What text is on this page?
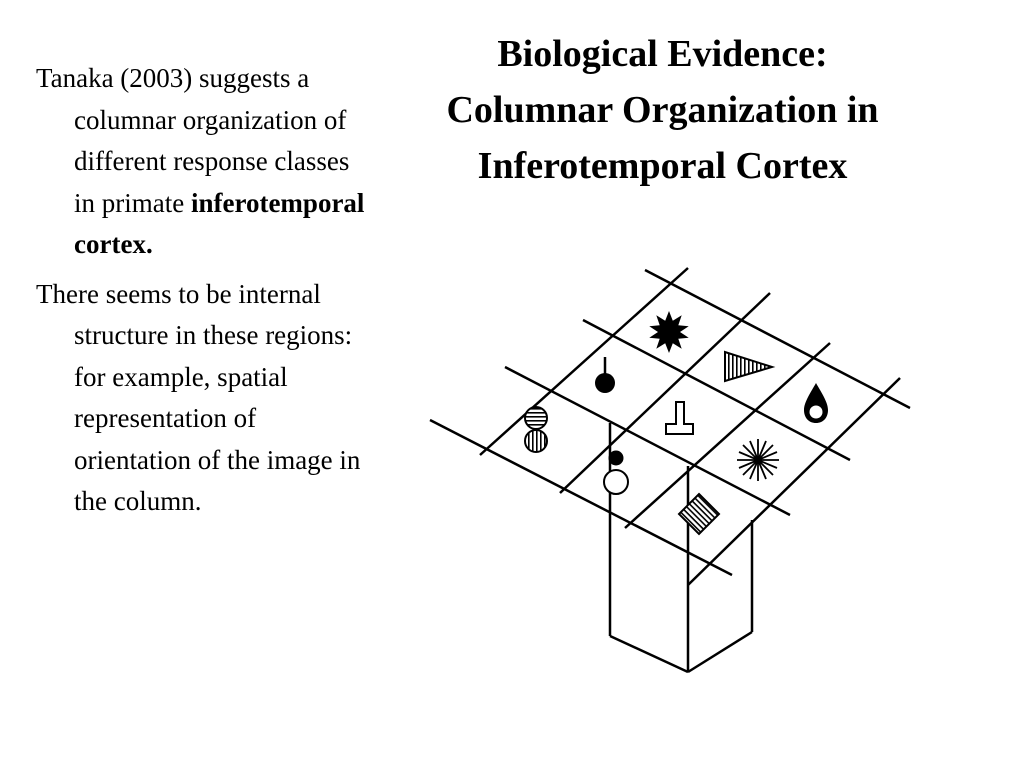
Biological Evidence:
Columnar Organization in
Inferotemporal Cortex

Tanaka (2003) suggests a columnar organization of different response classes in primate inferotemporal cortex.

There seems to be internal structure in these regions: for example, spatial representation of orientation of the image in the column.
